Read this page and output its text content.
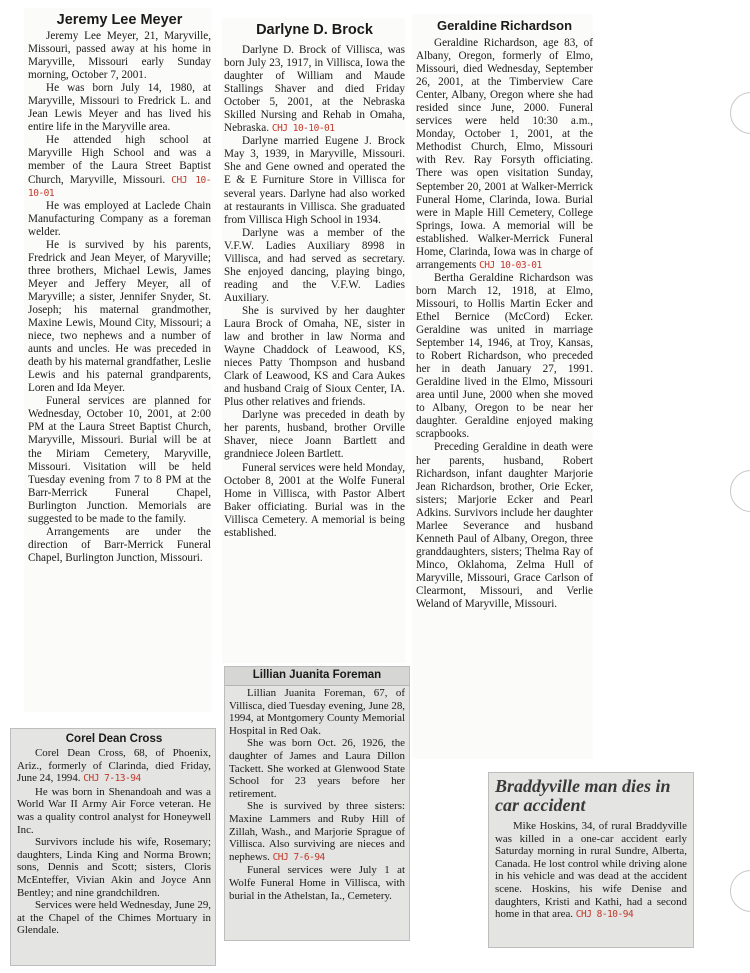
Jeremy Lee Meyer

Jeremy Lee Meyer, 21, Maryville, Missouri, passed away at his home in Maryville, Missouri early Sunday morning, October 7, 2001.

He was born July 14, 1980, at Maryville, Missouri to Fredrick L. and Jean Lewis Meyer and has lived his entire life in the Maryville area.

He attended high school at Maryville High School and was a member of the Laura Street Baptist Church, Maryville, Missouri. CHJ 10-10-01

He was employed at Laclede Chain Manufacturing Company as a foreman welder.

He is survived by his parents, Fredrick and Jean Meyer, of Maryville; three brothers, Michael Lewis, James Meyer and Jeffery Meyer, all of Maryville; a sister, Jennifer Snyder, St. Joseph; his maternal grandmother, Maxine Lewis, Mound City, Missouri; a niece, two nephews and a number of aunts and uncles. He was preceded in death by his maternal grandfather, Leslie Lewis and his paternal grandparents, Loren and Ida Meyer.

Funeral services are planned for Wednesday, October 10, 2001, at 2:00 PM at the Laura Street Baptist Church, Maryville, Missouri. Burial will be at the Miriam Cemetery, Maryville, Missouri. Visitation will be held Tuesday evening from 7 to 8 PM at the Barr-Merrick Funeral Chapel, Burlington Junction. Memorials are suggested to be made to the family.

Arrangements are under the direction of Barr-Merrick Funeral Chapel, Burlington Junction, Missouri.

Corel Dean Cross

Corel Dean Cross, 68, of Phoenix, Ariz., formerly of Clarinda, died Friday, June 24, 1994. CHJ 7-13-94

He was born in Shenandoah and was a World War II Army Air Force veteran. He was a quality control analyst for Honeywell Inc.

Survivors include his wife, Rosemary; daughters, Linda King and Norma Brown; sons, Dennis and Scott; sisters, Cloris McEnteffer, Vivian Akin and Joyce Ann Bentley; and nine grandchildren.

Services were held Wednesday, June 29, at the Chapel of the Chimes Mortuary in Glendale.

Darlyne D. Brock

Darlyne D. Brock of Villisca, was born July 23, 1917, in Villisca, Iowa the daughter of William and Maude Stallings Shaver and died Friday October 5, 2001, at the Nebraska Skilled Nursing and Rehab in Omaha, Nebraska. CHJ 10-10-01

Darlyne married Eugene J. Brock May 3, 1939, in Maryville, Missouri. She and Gene owned and operated the E & E Furniture Store in Villisca for several years. Darlyne had also worked at restaurants in Villisca. She graduated from Villisca High School in 1934.

Darlyne was a member of the V.F.W. Ladies Auxiliary 8998 in Villisca, and had served as secretary. She enjoyed dancing, playing bingo, reading and the V.F.W. Ladies Auxiliary.

She is survived by her daughter Laura Brock of Omaha, NE, sister in law and brother in law Norma and Wayne Chaddock of Leawood, KS, nieces Patty Thompson and husband Clark of Leawood, KS and Cara Aukes and husband Craig of Sioux Center, IA. Plus other relatives and friends.

Darlyne was preceded in death by her parents, husband, brother Orville Shaver, niece Joann Bartlett and grandniece Joleen Bartlett.

Funeral services were held Monday, October 8, 2001 at the Wolfe Funeral Home in Villisca, with Pastor Albert Baker officiating. Burial was in the Villisca Cemetery. A memorial is being established.

Lillian Juanita Foreman

Lillian Juanita Foreman, 67, of Villisca, died Tuesday evening, June 28, 1994, at Montgomery County Memorial Hospital in Red Oak.

She was born Oct. 26, 1926, the daughter of James and Laura Dillon Tackett. She worked at Glenwood State School for 23 years before her retirement.

She is survived by three sisters: Maxine Lammers and Ruby Hill of Zillah, Wash., and Marjorie Sprague of Villisca. Also surviving are nieces and nephews. CHJ 7-6-94

Funeral services were July 1 at Wolfe Funeral Home in Villisca, with burial in the Athelstan, Ia., Cemetery.

Geraldine Richardson

Geraldine Richardson, age 83, of Albany, Oregon, formerly of Elmo, Missouri, died Wednesday, September 26, 2001, at the Timberview Care Center, Albany, Oregon where she had resided since June, 2000. Funeral services were held 10:30 a.m., Monday, October 1, 2001, at the Methodist Church, Elmo, Missouri with Rev. Ray Forsyth officiating. There was open visitation Sunday, September 20, 2001 at Walker-Merrick Funeral Home, Clarinda, Iowa. Burial were in Maple Hill Cemetery, College Springs, Iowa. A memorial will be established. Walker-Merrick Funeral Home, Clarinda, Iowa was in charge of arrangements CHJ 10-03-01

Bertha Geraldine Richardson was born March 12, 1918, at Elmo, Missouri, to Hollis Martin Ecker and Ethel Bernice (McCord) Ecker. Geraldine was united in marriage September 14, 1946, at Troy, Kansas, to Robert Richardson, who preceded her in death January 27, 1991. Geraldine lived in the Elmo, Missouri area until June, 2000 when she moved to Albany, Oregon to be near her daughter. Geraldine enjoyed making scrapbooks.

Preceding Geraldine in death were her parents, husband, Robert Richardson, infant daughter Marjorie Jean Richardson, brother, Orie Ecker, sisters; Marjorie Ecker and Pearl Adkins. Survivors include her daughter Marlee Severance and husband Kenneth Paul of Albany, Oregon, three granddaughters, sisters; Thelma Ray of Minco, Oklahoma, Zelma Hull of Maryville, Missouri, Grace Carlson of Clearmont, Missouri, and Verlie Weland of Maryville, Missouri.

Braddyville man dies in car accident

Mike Hoskins, 34, of rural Braddyville was killed in a one-car accident early Saturday morning in rural Sundre, Alberta, Canada. He lost control while driving alone in his vehicle and was dead at the accident scene. Hoskins, his wife Denise and daughters, Kristi and Kathi, had a second home in that area. CHJ 8-10-94
